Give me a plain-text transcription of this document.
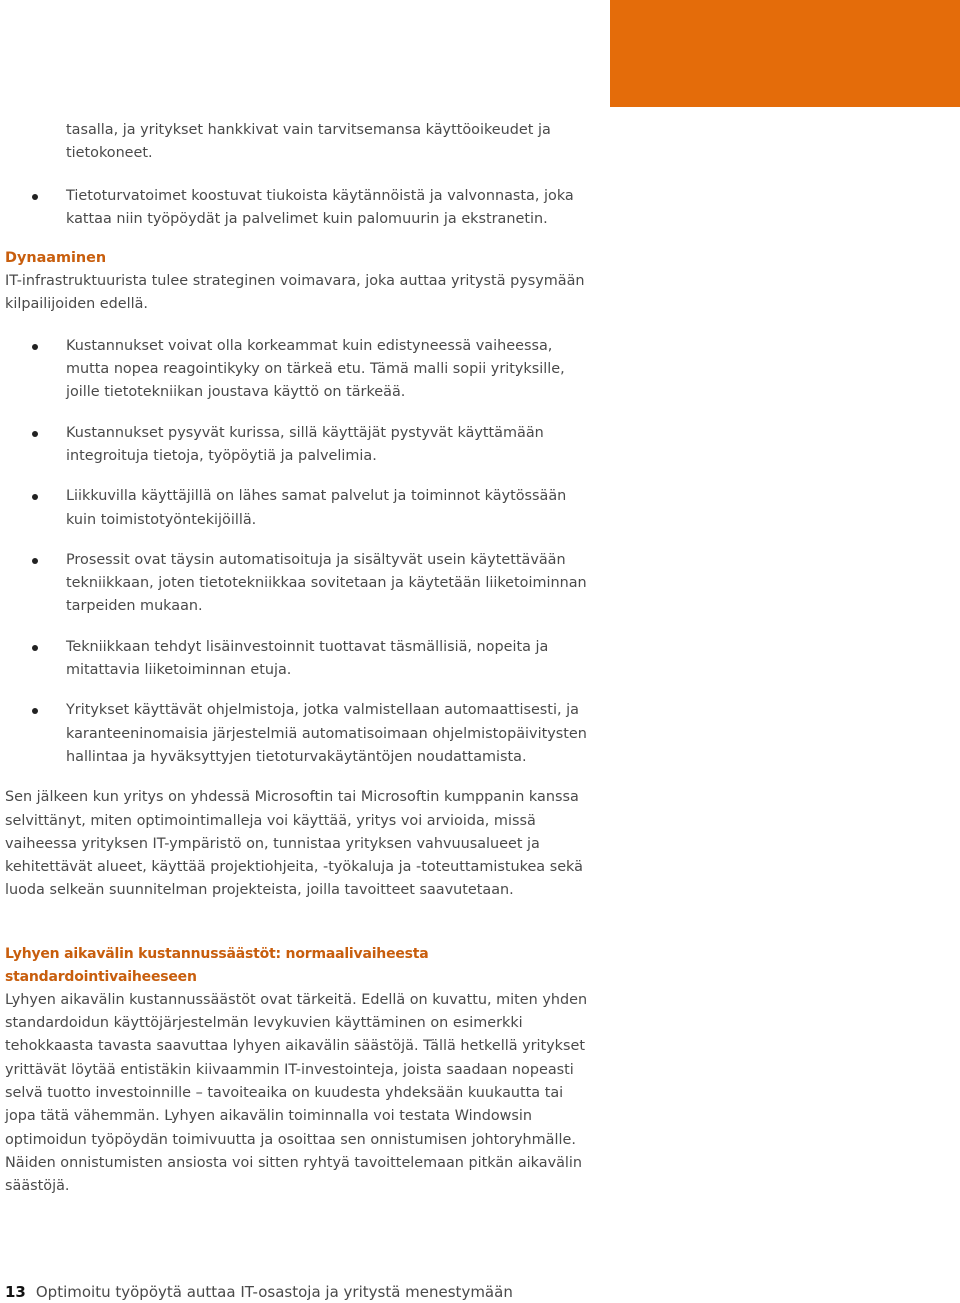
tasalla, ja yritykset hankkivat vain tarvitsemansa käyttöoikeudet ja tietokoneet.

Tietoturvatoimet koostuvat tiukoista käytännöistä ja valvonnasta, joka kattaa niin työpöydät ja palvelimet kuin palomuurin ja ekstranetin.

Dynaaminen

IT-infrastruktuurista tulee strateginen voimavara, joka auttaa yritystä pysymään kilpailijoiden edellä.

Kustannukset voivat olla korkeammat kuin edistyneessä vaiheessa, mutta nopea reagointikyky on tärkeä etu. Tämä malli sopii yrityksille, joille tietotekniikan joustava käyttö on tärkeää.
Kustannukset pysyvät kurissa, sillä käyttäjät pystyvät käyttämään integroituja tietoja, työpöytiä ja palvelimia.
Liikkuvilla käyttäjillä on lähes samat palvelut ja toiminnot käytössään kuin toimistotyöntekijöillä.
Prosessit ovat täysin automatisoituja ja sisältyvät usein käytettävään tekniikkaan, joten tietotekniikkaa sovitetaan ja käytetään liiketoiminnan tarpeiden mukaan.
Tekniikkaan tehdyt lisäinvestoinnit tuottavat täsmällisiä, nopeita ja mitattavia liiketoiminnan etuja.
Yritykset käyttävät ohjelmistoja, jotka valmistellaan automaattisesti, ja karanteeninomaisia järjestelmiä automatisoimaan ohjelmistopäivitysten hallintaa ja hyväksyttyjen tietoturvakäytäntöjen noudattamista.

Sen jälkeen kun yritys on yhdessä Microsoftin tai Microsoftin kumppanin kanssa selvittänyt, miten optimointimalleja voi käyttää, yritys voi arvioida, missä vaiheessa yrityksen IT-ympäristö on, tunnistaa yrityksen vahvuusalueet ja kehitettävät alueet, käyttää projektiohjeita, -työkaluja ja -toteuttamistukea sekä luoda selkeän suunnitelman projekteista, joilla tavoitteet saavutetaan.

Lyhyen aikavälin kustannussäästöt: normaalivaiheesta standardointivaiheeseen

Lyhyen aikavälin kustannussäästöt ovat tärkeitä. Edellä on kuvattu, miten yhden standardoidun käyttöjärjestelmän levykuvien käyttäminen on esimerkki tehokkaasta tavasta saavuttaa lyhyen aikavälin säästöjä. Tällä hetkellä yritykset yrittävät löytää entistäkin kiivaammin IT-investointeja, joista saadaan nopeasti selvä tuotto investoinnille – tavoiteaika on kuudesta yhdeksään kuukautta tai jopa tätä vähemmän. Lyhyen aikavälin toiminnalla voi testata Windowsin optimoidun työpöydän toimivuutta ja osoittaa sen onnistumisen johtoryhmälle. Näiden onnistumisten ansiosta voi sitten ryhtyä tavoittelemaan pitkän aikavälin säästöjä.

13 Optimoitu työpöytä auttaa IT-osastoja ja yritystä menestymään
